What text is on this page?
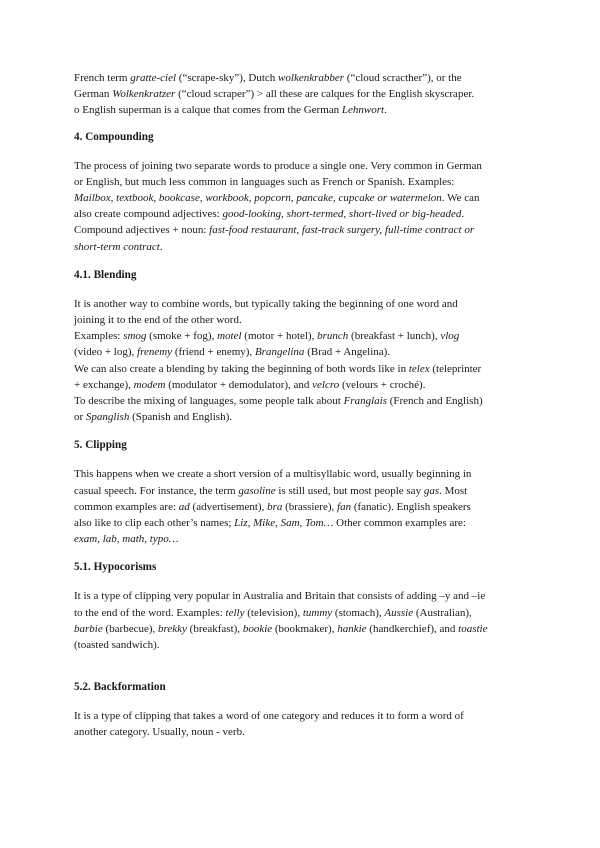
French term gratte-ciel (“scrape-sky”), Dutch wolkenkrabber (“cloud scracther”), or the

German Wolkenkratzer (“cloud scraper”) > all these are calques for the English skyscraper.

o English superman is a calque that comes from the German Lehnwort.

4. Compounding

The process of joining two separate words to produce a single one. Very common in German

or English, but much less common in languages such as French or Spanish. Examples:

Mailbox, textbook, bookcase, workbook, popcorn, pancake, cupcake or watermelon. We can

also create compound adjectives: good-looking, short-termed, short-lived or big-headed.

Compound adjectives + noun: fast-food restaurant, fast-track surgery, full-time contract or

short-term contract.

4.1. Blending

It is another way to combine words, but typically taking the beginning of one word and

joining it to the end of the other word.

Examples: smog (smoke + fog), motel (motor + hotel), brunch (breakfast + lunch), vlog

(video + log), frenemy (friend + enemy), Brangelina (Brad + Angelina).

We can also create a blending by taking the beginning of both words like in telex (teleprinter

+ exchange), modem (modulator + demodulator), and velcro (velours + croché).

To describe the mixing of languages, some people talk about Franglais (French and English)

or Spanglish (Spanish and English).

5. Clipping

This happens when we create a short version of a multisyllabic word, usually beginning in

casual speech. For instance, the term gasoline is still used, but most people say gas. Most

common examples are: ad (advertisement), bra (brassiere), fan (fanatic). English speakers

also like to clip each other’s names; Liz, Mike, Sam, Tom… Other common examples are:

exam, lab, math, typo…

5.1. Hypocorisms

It is a type of clipping very popular in Australia and Britain that consists of adding –y and –ie

to the end of the word. Examples: telly (television), tummy (stomach), Aussie (Australian),

barbie (barbecue), brekky (breakfast), bookie (bookmaker), hankie (handkerchief), and toastie

(toasted sandwich).

5.2. Backformation

It is a type of clipping that takes a word of one category and reduces it to form a word of

another category. Usually, noun - verb.
